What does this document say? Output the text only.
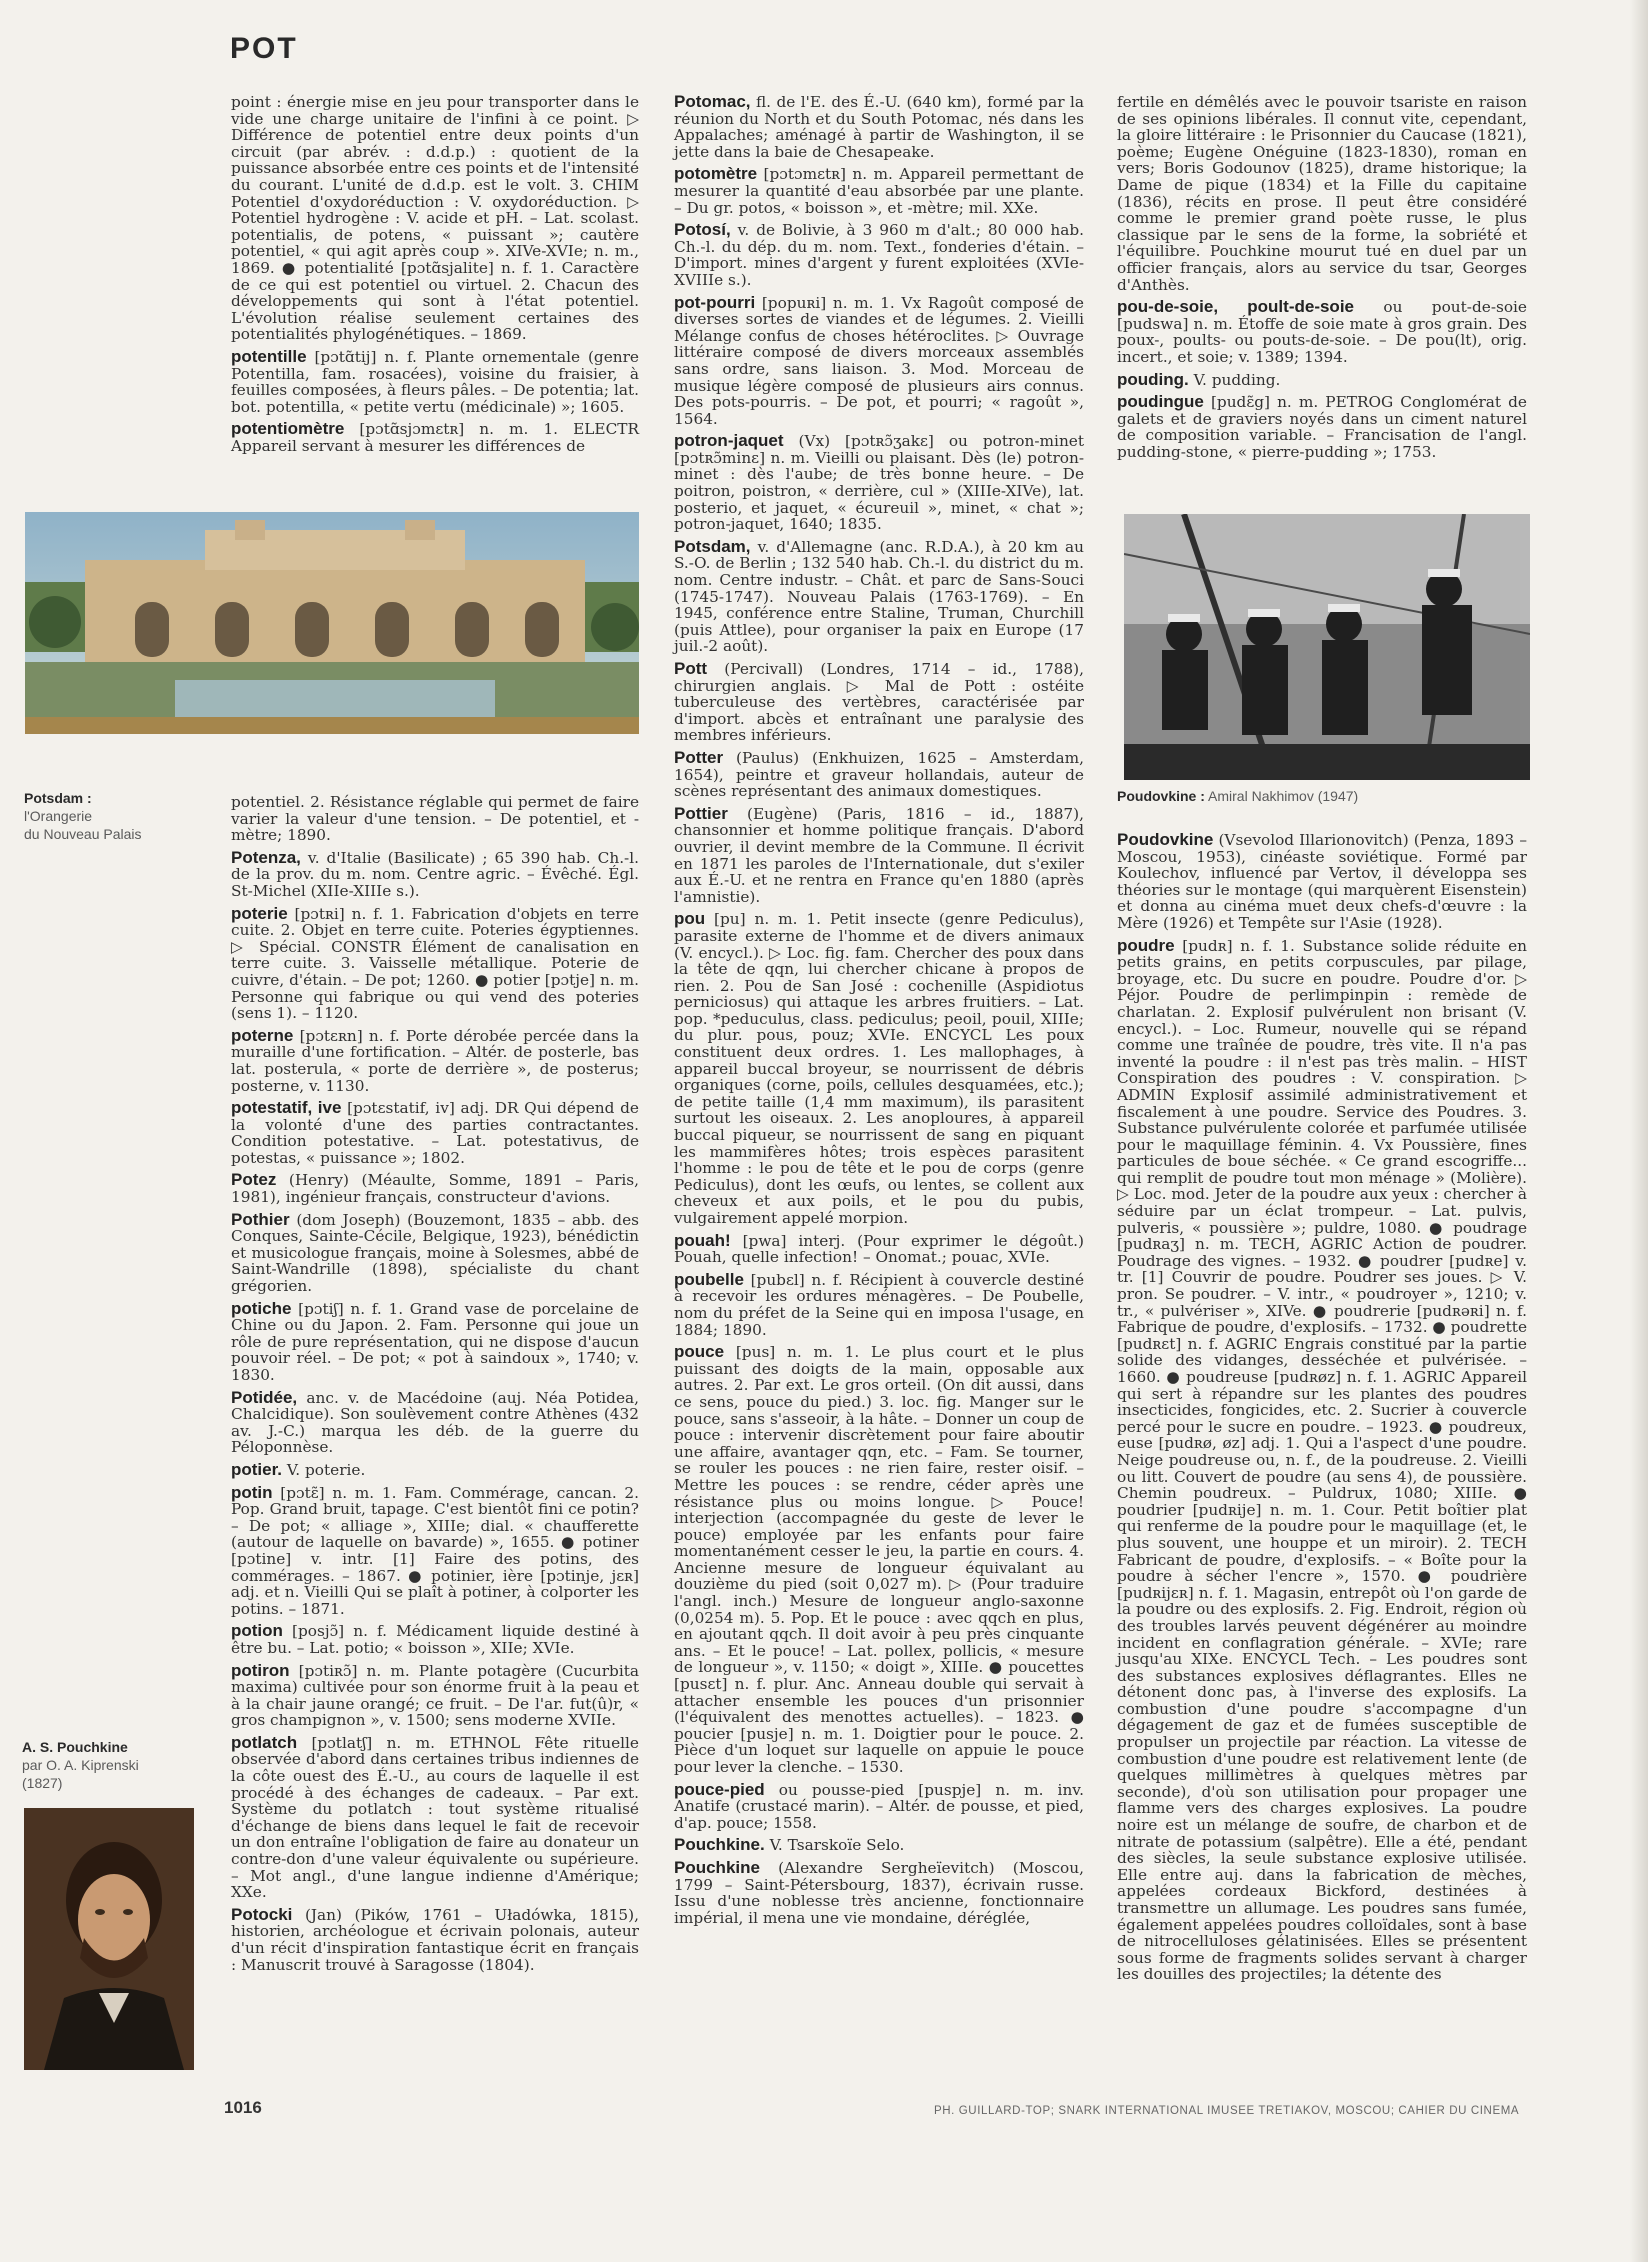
POT

point : énergie mise en jeu pour transporter dans le vide une charge unitaire de l'infini à ce point. ▷ Différence de potentiel entre deux points d'un circuit (par abrév. : d.d.p.) : quotient de la puissance absorbée entre ces points et de l'intensité du courant. L'unité de d.d.p. est le volt. 3. CHIM Potentiel d'oxydoréduction : V. oxydoréduction. ▷ Potentiel hydrogène : V. acide et pH. – Lat. scolast. potentialis, de potens, « puissant »; cautère potentiel, « qui agit après coup ». XIVe-XVIe; n. m., 1869. ● potentialité [pɔtɑ̃sjalite] n. f. 1. Caractère de ce qui est potentiel ou virtuel. 2. Chacun des développements qui sont à l'état potentiel. L'évolution réalise seulement certaines des potentialités phylogénétiques. – 1869.

potentille [pɔtɑ̃tij] n. f. Plante ornementale (genre Potentilla, fam. rosacées), voisine du fraisier, à feuilles composées, à fleurs pâles. – De potentia; lat. bot. potentilla, « petite vertu (médicinale) »; 1605.

potentiomètre [pɔtɑ̃sjɔmɛtʀ] n. m. 1. ELECTR Appareil servant à mesurer les différences de

Potsdam :
l'Orangerie
du Nouveau Palais

potentiel. 2. Résistance réglable qui permet de faire varier la valeur d'une tension. – De potentiel, et -mètre; 1890.

Potenza, v. d'Italie (Basilicate) ; 65 390 hab. Ch.-l. de la prov. du m. nom. Centre agric. – Évêché. Égl. St-Michel (XIIe-XIIIe s.).

poterie [pɔtʀi] n. f. 1. Fabrication d'objets en terre cuite. 2. Objet en terre cuite. Poteries égyptiennes. ▷ Spécial. CONSTR Élément de canalisation en terre cuite. 3. Vaisselle métallique. Poterie de cuivre, d'étain. – De pot; 1260. ● potier [pɔtje] n. m. Personne qui fabrique ou qui vend des poteries (sens 1). – 1120.

poterne [pɔtɛʀn] n. f. Porte dérobée percée dans la muraille d'une fortification. – Altér. de posterle, bas lat. posterula, « porte de derrière », de posterus; posterne, v. 1130.

potestatif, ive [pɔtɛstatif, iv] adj. DR Qui dépend de la volonté d'une des parties contractantes. Condition potestative. – Lat. potestativus, de potestas, « puissance »; 1802.

Potez (Henry) (Méaulte, Somme, 1891 – Paris, 1981), ingénieur français, constructeur d'avions.

Pothier (dom Joseph) (Bouzemont, 1835 – abb. des Conques, Sainte-Cécile, Belgique, 1923), bénédictin et musicologue français, moine à Solesmes, abbé de Saint-Wandrille (1898), spécialiste du chant grégorien.

potiche [pɔtiʃ] n. f. 1. Grand vase de porcelaine de Chine ou du Japon. 2. Fam. Personne qui joue un rôle de pure représentation, qui ne dispose d'aucun pouvoir réel. – De pot; « pot à saindoux », 1740; v. 1830.

Potidée, anc. v. de Macédoine (auj. Néa Potidea, Chalcidique). Son soulèvement contre Athènes (432 av. J.-C.) marqua les déb. de la guerre du Péloponnèse.

potier. V. poterie.

potin [pɔtɛ̃] n. m. 1. Fam. Commérage, cancan. 2. Pop. Grand bruit, tapage. C'est bientôt fini ce potin? – De pot; « alliage », XIIIe; dial. « chaufferette (autour de laquelle on bavarde) », 1655. ● potiner [pɔtine] v. intr. [1] Faire des potins, des commérages. – 1867. ● potinier, ière [pɔtinje, jɛʀ] adj. et n. Vieilli Qui se plaît à potiner, à colporter les potins. – 1871.

potion [posjɔ̃] n. f. Médicament liquide destiné à être bu. – Lat. potio; « boisson », XIIe; XVIe.

potiron [pɔtiʀɔ̃] n. m. Plante potagère (Cucurbita maxima) cultivée pour son énorme fruit à la peau et à la chair jaune orangé; ce fruit. – De l'ar. fut(û)r, « gros champignon », v. 1500; sens moderne XVIIe.

potlatch [pɔtlatʃ] n. m. ETHNOL Fête rituelle observée d'abord dans certaines tribus indiennes de la côte ouest des É.-U., au cours de laquelle il est procédé à des échanges de cadeaux. – Par ext. Système du potlatch : tout système ritualisé d'échange de biens dans lequel le fait de recevoir un don entraîne l'obligation de faire au donateur un contre-don d'une valeur équivalente ou supérieure. – Mot angl., d'une langue indienne d'Amérique; XXe.

Potocki (Jan) (Pików, 1761 – Uładówka, 1815), historien, archéologue et écrivain polonais, auteur d'un récit d'inspiration fantastique écrit en français : Manuscrit trouvé à Saragosse (1804).

A. S. Pouchkine
par O. A. Kiprenski
(1827)

Potomac, fl. de l'E. des É.-U. (640 km), formé par la réunion du North et du South Potomac, nés dans les Appalaches; aménagé à partir de Washington, il se jette dans la baie de Chesapeake.

potomètre [pɔtɔmɛtʀ] n. m. Appareil permettant de mesurer la quantité d'eau absorbée par une plante. – Du gr. potos, « boisson », et -mètre; mil. XXe.

Potosí, v. de Bolivie, à 3 960 m d'alt.; 80 000 hab. Ch.-l. du dép. du m. nom. Text., fonderies d'étain. – D'import. mines d'argent y furent exploitées (XVIe-XVIIIe s.).

pot-pourri [popuʀi] n. m. 1. Vx Ragoût composé de diverses sortes de viandes et de légumes. 2. Vieilli Mélange confus de choses hétéroclites. ▷ Ouvrage littéraire composé de divers morceaux assemblés sans ordre, sans liaison. 3. Mod. Morceau de musique légère composé de plusieurs airs connus. Des pots-pourris. – De pot, et pourri; « ragoût », 1564.

potron-jaquet (Vx) [pɔtʀɔ̃ʒakɛ] ou potron-minet [pɔtʀɔ̃minɛ] n. m. Vieilli ou plaisant. Dès (le) potron-minet : dès l'aube; de très bonne heure. – De poitron, poistron, « derrière, cul » (XIIIe-XIVe), lat. posterio, et jaquet, « écureuil », minet, « chat »; potron-jaquet, 1640; 1835.

Potsdam, v. d'Allemagne (anc. R.D.A.), à 20 km au S.-O. de Berlin ; 132 540 hab. Ch.-l. du district du m. nom. Centre industr. – Chât. et parc de Sans-Souci (1745-1747). Nouveau Palais (1763-1769). – En 1945, conférence entre Staline, Truman, Churchill (puis Attlee), pour organiser la paix en Europe (17 juil.-2 août).

Pott (Percivall) (Londres, 1714 – id., 1788), chirurgien anglais. ▷ Mal de Pott : ostéite tuberculeuse des vertèbres, caractérisée par d'import. abcès et entraînant une paralysie des membres inférieurs.

Potter (Paulus) (Enkhuizen, 1625 – Amsterdam, 1654), peintre et graveur hollandais, auteur de scènes représentant des animaux domestiques.

Pottier (Eugène) (Paris, 1816 – id., 1887), chansonnier et homme politique français. D'abord ouvrier, il devint membre de la Commune. Il écrivit en 1871 les paroles de l'Internationale, dut s'exiler aux É.-U. et ne rentra en France qu'en 1880 (après l'amnistie).

pou [pu] n. m. 1. Petit insecte (genre Pediculus), parasite externe de l'homme et de divers animaux (V. encycl.). ▷ Loc. fig. fam. Chercher des poux dans la tête de qqn, lui chercher chicane à propos de rien. 2. Pou de San José : cochenille (Aspidiotus perniciosus) qui attaque les arbres fruitiers. – Lat. pop. *peduculus, class. pediculus; peoil, pouil, XIIIe; du plur. pous, pouz; XVIe. ENCYCL Les poux constituent deux ordres. 1. Les mallophages, à appareil buccal broyeur, se nourrissent de débris organiques (corne, poils, cellules desquamées, etc.); de petite taille (1,4 mm maximum), ils parasitent surtout les oiseaux. 2. Les anoploures, à appareil buccal piqueur, se nourrissent de sang en piquant les mammifères hôtes; trois espèces parasitent l'homme : le pou de tête et le pou de corps (genre Pediculus), dont les œufs, ou lentes, se collent aux cheveux et aux poils, et le pou du pubis, vulgairement appelé morpion.

pouah! [pwa] interj. (Pour exprimer le dégoût.) Pouah, quelle infection! – Onomat.; pouac, XVIe.

poubelle [pubɛl] n. f. Récipient à couvercle destiné à recevoir les ordures ménagères. – De Poubelle, nom du préfet de la Seine qui en imposa l'usage, en 1884; 1890.

pouce [pus] n. m. 1. Le plus court et le plus puissant des doigts de la main, opposable aux autres. 2. Par ext. Le gros orteil. (On dit aussi, dans ce sens, pouce du pied.) 3. loc. fig. Manger sur le pouce, sans s'asseoir, à la hâte. – Donner un coup de pouce : intervenir discrètement pour faire aboutir une affaire, avantager qqn, etc. – Fam. Se tourner, se rouler les pouces : ne rien faire, rester oisif. – Mettre les pouces : se rendre, céder après une résistance plus ou moins longue. ▷ Pouce! interjection (accompagnée du geste de lever le pouce) employée par les enfants pour faire momentanément cesser le jeu, la partie en cours. 4. Ancienne mesure de longueur équivalant au douzième du pied (soit 0,027 m). ▷ (Pour traduire l'angl. inch.) Mesure de longueur anglo-saxonne (0,0254 m). 5. Pop. Et le pouce : avec qqch en plus, en ajoutant qqch. Il doit avoir à peu près cinquante ans. – Et le pouce! – Lat. pollex, pollicis, « mesure de longueur », v. 1150; « doigt », XIIIe. ● poucettes [pusɛt] n. f. plur. Anc. Anneau double qui servait à attacher ensemble les pouces d'un prisonnier (l'équivalent des menottes actuelles). – 1823. ● poucier [pusje] n. m. 1. Doigtier pour le pouce. 2. Pièce d'un loquet sur laquelle on appuie le pouce pour lever la clenche. – 1530.

pouce-pied ou pousse-pied [puspje] n. m. inv. Anatife (crustacé marin). – Altér. de pousse, et pied, d'ap. pouce; 1558.

Pouchkine. V. Tsarskoïe Selo.

Pouchkine (Alexandre Sergheïevitch) (Moscou, 1799 – Saint-Pétersbourg, 1837), écrivain russe. Issu d'une noblesse très ancienne, fonctionnaire impérial, il mena une vie mondaine, déréglée,

fertile en démêlés avec le pouvoir tsariste en raison de ses opinions libérales. Il connut vite, cependant, la gloire littéraire : le Prisonnier du Caucase (1821), poème; Eugène Onéguine (1823-1830), roman en vers; Boris Godounov (1825), drame historique; la Dame de pique (1834) et la Fille du capitaine (1836), récits en prose. Il peut être considéré comme le premier grand poète russe, le plus classique par le sens de la forme, la sobriété et l'équilibre. Pouchkine mourut tué en duel par un officier français, alors au service du tsar, Georges d'Anthès.

pou-de-soie, poult-de-soie ou pout-de-soie [pudswa] n. m. Étoffe de soie mate à gros grain. Des poux-, poults- ou pouts-de-soie. – De pou(lt), orig. incert., et soie; v. 1389; 1394.

pouding. V. pudding.

poudingue [pudɛ̃g] n. m. PETROG Conglomérat de galets et de graviers noyés dans un ciment naturel de composition variable. – Francisation de l'angl. pudding-stone, « pierre-pudding »; 1753.

Poudovkine : Amiral Nakhimov (1947)

Poudovkine (Vsevolod Illarionovitch) (Penza, 1893 – Moscou, 1953), cinéaste soviétique. Formé par Koulechov, influencé par Vertov, il développa ses théories sur le montage (qui marquèrent Eisenstein) et donna au cinéma muet deux chefs-d'œuvre : la Mère (1926) et Tempête sur l'Asie (1928).

poudre [pudʀ] n. f. 1. Substance solide réduite en petits grains, en petits corpuscules, par pilage, broyage, etc. Du sucre en poudre. Poudre d'or. ▷ Péjor. Poudre de perlimpinpin : remède de charlatan. 2. Explosif pulvérulent non brisant (V. encycl.). – Loc. Rumeur, nouvelle qui se répand comme une traînée de poudre, très vite. Il n'a pas inventé la poudre : il n'est pas très malin. – HIST Conspiration des poudres : V. conspiration. ▷ ADMIN Explosif assimilé administrativement et fiscalement à une poudre. Service des Poudres. 3. Substance pulvérulente colorée et parfumée utilisée pour le maquillage féminin. 4. Vx Poussière, fines particules de boue séchée. « Ce grand escogriffe... qui remplit de poudre tout mon ménage » (Molière). ▷ Loc. mod. Jeter de la poudre aux yeux : chercher à séduire par un éclat trompeur. – Lat. pulvis, pulveris, « poussière »; puldre, 1080. ● poudrage [pudʀaʒ] n. m. TECH, AGRIC Action de poudrer. Poudrage des vignes. – 1932. ● poudrer [pudʀe] v. tr. [1] Couvrir de poudre. Poudrer ses joues. ▷ V. pron. Se poudrer. – V. intr., « poudroyer », 1210; v. tr., « pulvériser », XIVe. ● poudrerie [pudʀəʀi] n. f. Fabrique de poudre, d'explosifs. – 1732. ● poudrette [pudʀɛt] n. f. AGRIC Engrais constitué par la partie solide des vidanges, desséchée et pulvérisée. – 1660. ● poudreuse [pudʀøz] n. f. 1. AGRIC Appareil qui sert à répandre sur les plantes des poudres insecticides, fongicides, etc. 2. Sucrier à couvercle percé pour le sucre en poudre. – 1923. ● poudreux, euse [pudʀø, øz] adj. 1. Qui a l'aspect d'une poudre. Neige poudreuse ou, n. f., de la poudreuse. 2. Vieilli ou litt. Couvert de poudre (au sens 4), de poussière. Chemin poudreux. – Puldrux, 1080; XIIIe. ● poudrier [pudʀije] n. m. 1. Cour. Petit boîtier plat qui renferme de la poudre pour le maquillage (et, le plus souvent, une houppe et un miroir). 2. TECH Fabricant de poudre, d'explosifs. – « Boîte pour la poudre à sécher l'encre », 1570. ● poudrière [pudʀijɛʀ] n. f. 1. Magasin, entrepôt où l'on garde de la poudre ou des explosifs. 2. Fig. Endroit, région où des troubles larvés peuvent dégénérer au moindre incident en conflagration générale. – XVIe; rare jusqu'au XIXe. ENCYCL Tech. – Les poudres sont des substances explosives déflagrantes. Elles ne détonent donc pas, à l'inverse des explosifs. La combustion d'une poudre s'accompagne d'un dégagement de gaz et de fumées susceptible de propulser un projectile par réaction. La vitesse de combustion d'une poudre est relativement lente (de quelques millimètres à quelques mètres par seconde), d'où son utilisation pour propager une flamme vers des charges explosives. La poudre noire est un mélange de soufre, de charbon et de nitrate de potassium (salpêtre). Elle a été, pendant des siècles, la seule substance explosive utilisée. Elle entre auj. dans la fabrication de mèches, appelées cordeaux Bickford, destinées à transmettre un allumage. Les poudres sans fumée, également appelées poudres colloïdales, sont à base de nitrocelluloses gélatinisées. Elles se présentent sous forme de fragments solides servant à charger les douilles des projectiles; la détente des

1016	PH. GUILLARD-TOP; SNARK INTERNATIONAL IMUSEE TRETIAKOV, MOSCOU; CAHIER DU CINEMA
